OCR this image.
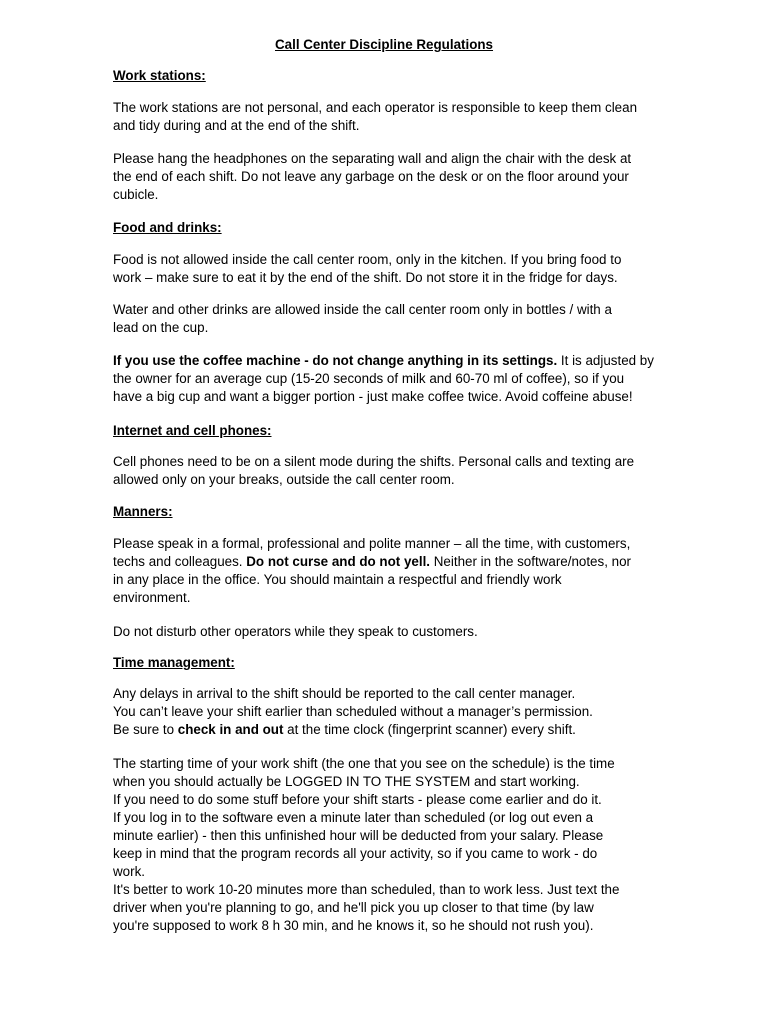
Call Center Discipline Regulations

Work stations:

The work stations are not personal, and each operator is responsible to keep them clean
and tidy during and at the end of the shift.

Please hang the headphones on the separating wall and align the chair with the desk at
the end of each shift. Do not leave any garbage on the desk or on the floor around your
cubicle.

Food and drinks:

Food is not allowed inside the call center room, only in the kitchen. If you bring food to
work – make sure to eat it by the end of the shift. Do not store it in the fridge for days.

Water and other drinks are allowed inside the call center room only in bottles / with a
lead on the cup.

If you use the coffee machine - do not change anything in its settings. It is adjusted by
the owner for an average cup (15-20 seconds of milk and 60-70 ml of coffee), so if you
have a big cup and want a bigger portion - just make coffee twice. Avoid coffeine abuse!

Internet and cell phones:

Cell phones need to be on a silent mode during the shifts. Personal calls and texting are
allowed only on your breaks, outside the call center room.

Manners:

Please speak in a formal, professional and polite manner – all the time, with customers,
techs and colleagues. Do not curse and do not yell. Neither in the software/notes, nor
in any place in the office. You should maintain a respectful and friendly work
environment.

Do not disturb other operators while they speak to customers.

Time management:

Any delays in arrival to the shift should be reported to the call center manager.
You can’t leave your shift earlier than scheduled without a manager’s permission.
Be sure to check in and out at the time clock (fingerprint scanner) every shift.

The starting time of your work shift (the one that you see on the schedule) is the time
when you should actually be LOGGED IN TO THE SYSTEM and start working.
If you need to do some stuff before your shift starts - please come earlier and do it.
If you log in to the software even a minute later than scheduled (or log out even a
minute earlier) - then this unfinished hour will be deducted from your salary. Please
keep in mind that the program records all your activity, so if you came to work - do
work.
It's better to work 10-20 minutes more than scheduled, than to work less. Just text the
driver when you're planning to go, and he'll pick you up closer to that time (by law
you're supposed to work 8 h 30 min, and he knows it, so he should not rush you).
